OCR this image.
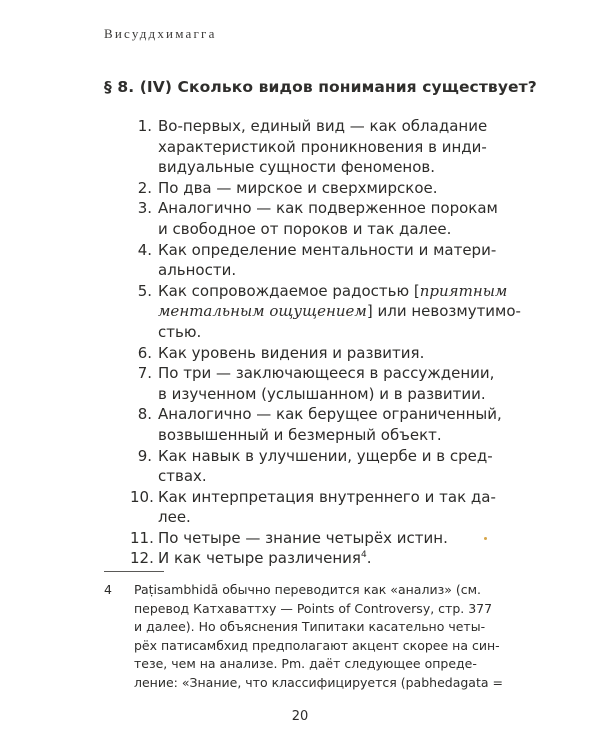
Висуддхимагга
§ 8. (IV) Сколько видов понимания существует?
1. Во-первых, единый вид — как обладание
характеристикой проникновения в инди-
видуальные сущности феноменов.
2. По два — мирское и сверхмирское.
3. Аналогично — как подверженное порокам
и свободное от пороков и так далее.
4. Как определение ментальности и матери-
альности.
5. Как сопровождаемое радостью [приятным
ментальным ощущением] или невозмутимо-
стью.
6. Как уровень видения и развития.
7. По три — заключающееся в рассуждении,
в изученном (услышанном) и в развитии.
8. Аналогично — как берущее ограниченный,
возвышенный и безмерный объект.
9. Как навык в улучшении, ущербе и в сред-
ствах.
10. Как интерпретация внутреннего и так да-
лее.
11. По четыре — знание четырёх истин.
12. И как четыре различения$^4$.
4 Paṭisambhidā обычно переводится как «анализ» (см.
перевод Катхаваттху — Points of Controversy, стр. 377
и далее). Но объяснения Типитаки касательно четы-
рёх патисамбхид предполагают акцент скорее на син-
тезе, чем на анализе. Pm. даёт следующее опреде-
ление: «Знание, что классифицируется (pabhedagata =
20
